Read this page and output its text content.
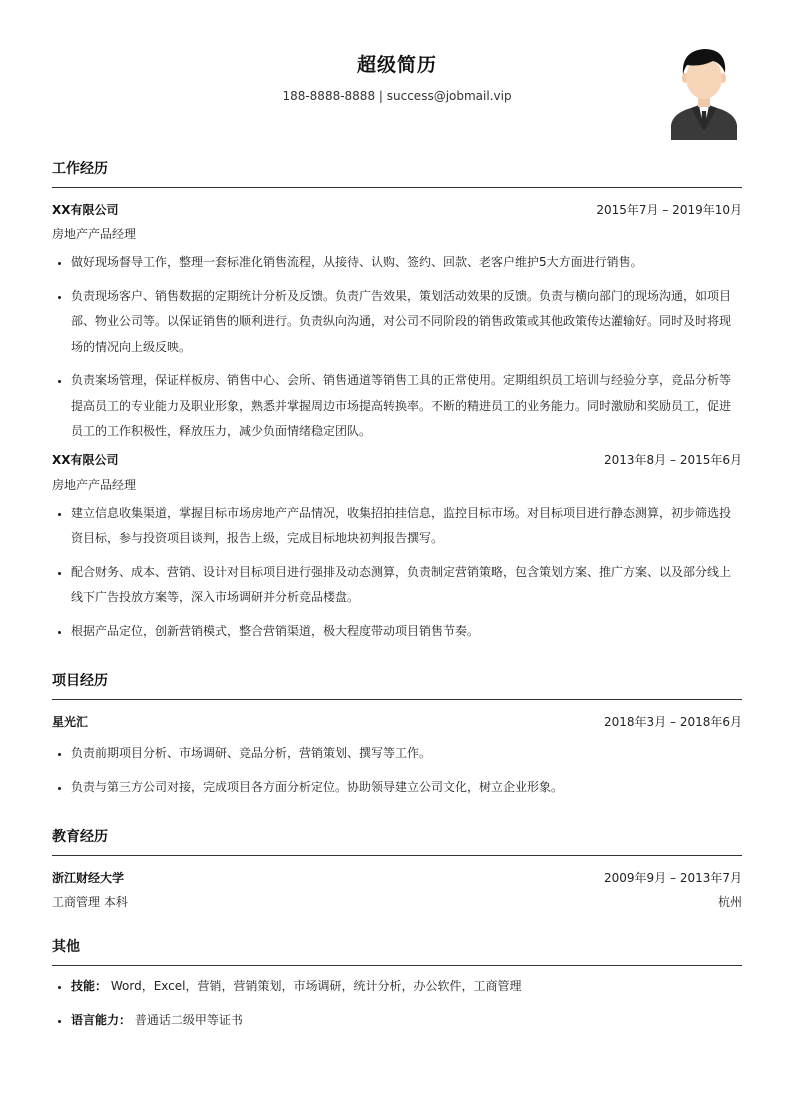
超级简历
188-8888-8888 | success@jobmail.vip
工作经历
XX有限公司	2015年7月 – 2019年10月
房地产产品经理
• 做好现场督导工作，整理一套标准化销售流程，从接待、认购、签约、回款、老客户维护5大方面进行销售。
• 负责现场客户、销售数据的定期统计分析及反馈。负责广告效果，策划活动效果的反馈。负责与横向部门的现场沟通，如项目部、物业公司等。以保证销售的顺利进行。负责纵向沟通，对公司不同阶段的销售政策或其他政策传达灌输好。同时及时将现场的情况向上级反映。
• 负责案场管理，保证样板房、销售中心、会所、销售通道等销售工具的正常使用。定期组织员工培训与经验分享，竞品分析等提高员工的专业能力及职业形象，熟悉并掌握周边市场提高转换率。不断的精进员工的业务能力。同时激励和奖励员工，促进员工的工作积极性，释放压力，减少负面情绪稳定团队。
XX有限公司	2013年8月 – 2015年6月
房地产产品经理
• 建立信息收集渠道，掌握目标市场房地产产品情况，收集招拍挂信息，监控目标市场。对目标项目进行静态测算，初步筛选投资目标，参与投资项目谈判，报告上级，完成目标地块初判报告撰写。
• 配合财务、成本、营销、设计对目标项目进行强排及动态测算，负责制定营销策略，包含策划方案、推广方案、以及部分线上线下广告投放方案等，深入市场调研并分析竞品楼盘。
• 根据产品定位，创新营销模式，整合营销渠道，极大程度带动项目销售节奏。
项目经历
星光汇	2018年3月 – 2018年6月
• 负责前期项目分析、市场调研、竞品分析，营销策划、撰写等工作。
• 负责与第三方公司对接，完成项目各方面分析定位。协助领导建立公司文化，树立企业形象。
教育经历
浙江财经大学	2009年9月 – 2013年7月
工商管理 本科	杭州
其他
• 技能： Word，Excel，营销，营销策划，市场调研，统计分析，办公软件，工商管理
• 语言能力： 普通话二级甲等证书
